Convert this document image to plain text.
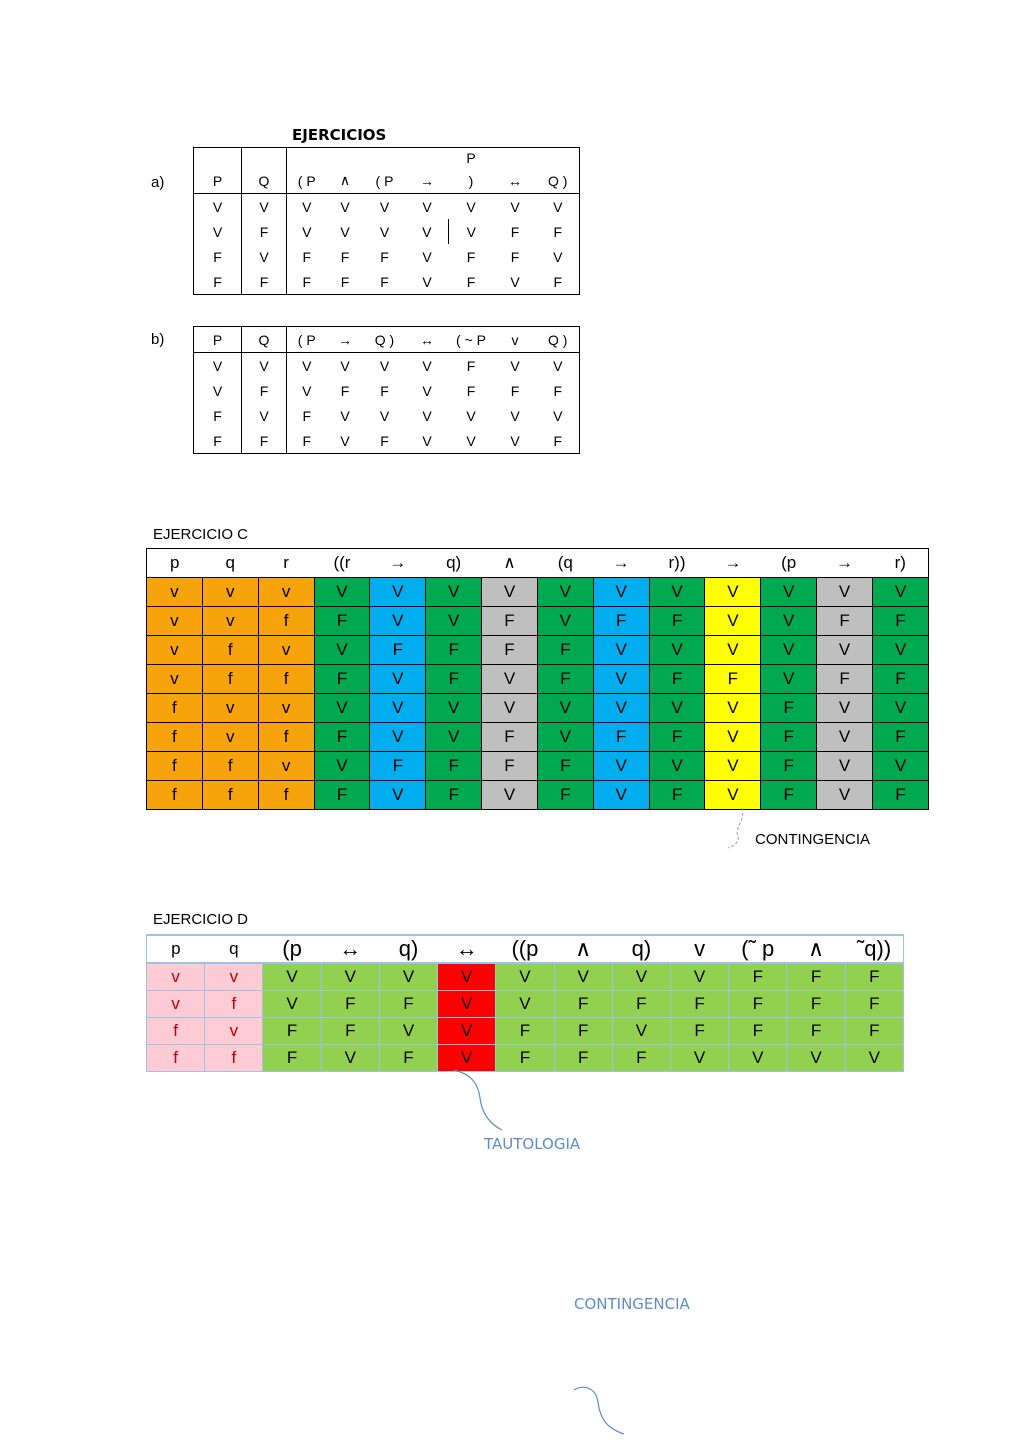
EJERCICIOS
a)
						P		
P	Q	( P	∧	( P	→	)	↔	Q )
V	V	V	V	V	V	V	V	V
V	F	V	V	V	V	V	F	F
F	V	F	F	F	V	F	F	V
F	F	F	F	F	V	F	V	F
b)	P	Q	( P	→	Q )	↔	( ~ P	v	Q )
V	V	V	V	V	V	F	V	V
V	F	V	F	F	V	F	F	F
F	V	F	V	V	V	V	V	V
F	F	F	V	F	V	V	V	F
EJERCICIO C
p	q	r	((r	→	q)	∧	(q	→	r))	→	(p	→	r)
v	v	v	V	V	V	V	V	V	V	V	V	V	V
v	v	f	F	V	V	F	V	F	F	V	V	F	F
v	f	v	V	F	F	F	F	V	V	V	V	V	V
v	f	f	F	V	F	V	F	V	F	F	V	F	F
f	v	v	V	V	V	V	V	V	V	V	F	V	V
f	v	f	F	V	V	F	V	F	F	V	F	V	F
f	f	v	V	F	F	F	F	V	V	V	F	V	V
f	f	f	F	V	F	V	F	V	F	V	F	V	F
CONTINGENCIA
EJERCICIO D
p	q	(p	↔	q)	↔	((p	∧	q)	v	(˜ p	∧	˜q))
v	v	V	V	V	V	V	V	V	V	F	F	F
v	f	V	F	F	V	V	F	F	F	F	F	F
f	v	F	F	V	V	F	F	V	F	F	F	F
f	f	F	V	F	V	F	F	F	V	V	V	V
TAUTOLOGIA
CONTINGENCIA
